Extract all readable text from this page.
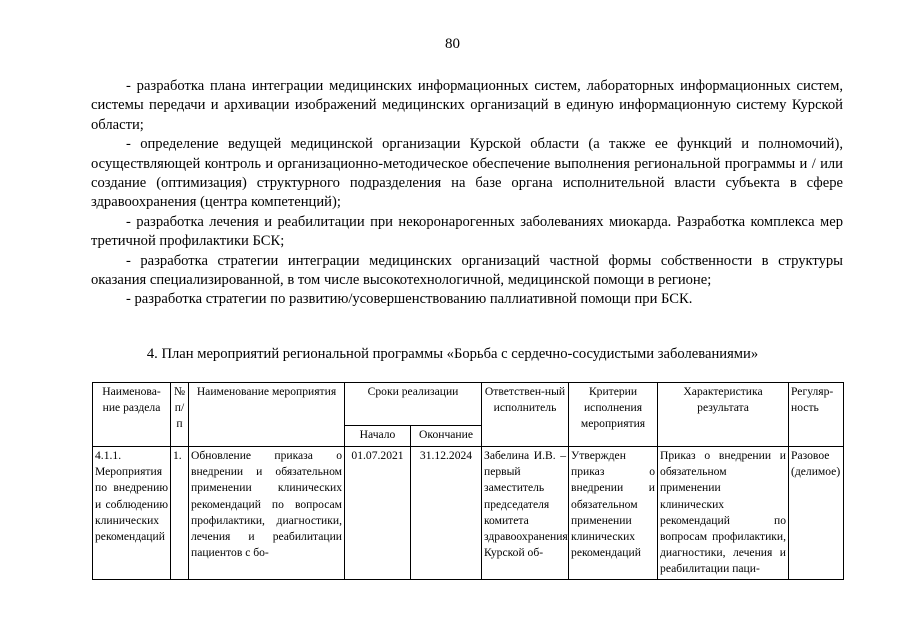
80

- разработка плана интеграции медицинских информационных систем, лабораторных информационных систем, системы передачи и архивации изображений медицинских организаций в единую информационную систему Курской области;

- определение ведущей медицинской организации Курской области (а также ее функций и полномочий), осуществляющей контроль и организационно-методическое обеспечение выполнения региональной программы и / или создание (оптимизация) структурного подразделения на базе органа исполнительной власти субъекта в сфере здравоохранения (центра компетенций);

- разработка лечения и реабилитации при некоронарогенных заболеваниях миокарда. Разработка комплекса мер третичной профилактики БСК;

- разработка стратегии интеграции медицинских организаций частной формы собственности в структуры оказания специализированной, в том числе высокотехнологичной, медицинской помощи в регионе;

- разработка стратегии по развитию/усовершенствованию паллиативной помощи при БСК.

4. План мероприятий региональной программы «Борьба с сердечно-сосудистыми заболеваниями»
Наименова-ние раздела	№ п/п	Наименование мероприятия	Сроки реализации		Ответствен-ный исполнитель	Критерии исполнения мероприятия	Характеристика результата	Регуляр-ность
			Начало	Окончание				
4.1.1. Мероприятия по внедрению и соблюдению клинических рекомендаций	1.	Обновление приказа о внедрении и обязательном применении клинических рекомендаций по вопросам профилактики, диагностики, лечения и реабилитации пациентов с бо-	01.07.2021	31.12.2024	Забелина И.В. – первый заместитель председателя комитета здравоохранения Курской об-	Утвержден приказ о внедрении и обязательном применении клинических рекомендаций	Приказ о внедрении и обязательном применении клинических рекомендаций по вопросам профилактики, диагностики, лечения и реабилитации паци-	Разовое (делимое)
